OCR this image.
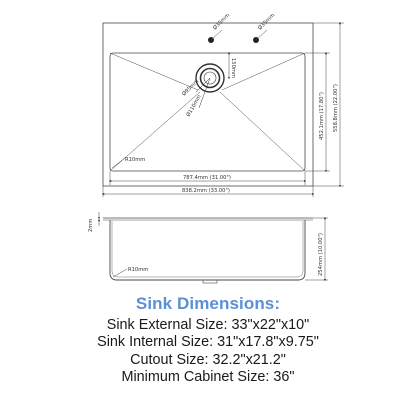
Ø35mm	Ø35mm
150mm
Ø95mm
Ø110mm
R10mm
787.4mm (31.00")
838.2mm (33.00")
452.1mm (17.80") 558.8mm (22.00")
2mm
R10mm	254mm (10.00")
Sink Dimensions:
Sink External Size: 33"x22"x10"
Sink Internal Size: 31"x17.8"x9.75"
Cutout Size: 32.2"x21.2"
Minimum Cabinet Size: 36"
